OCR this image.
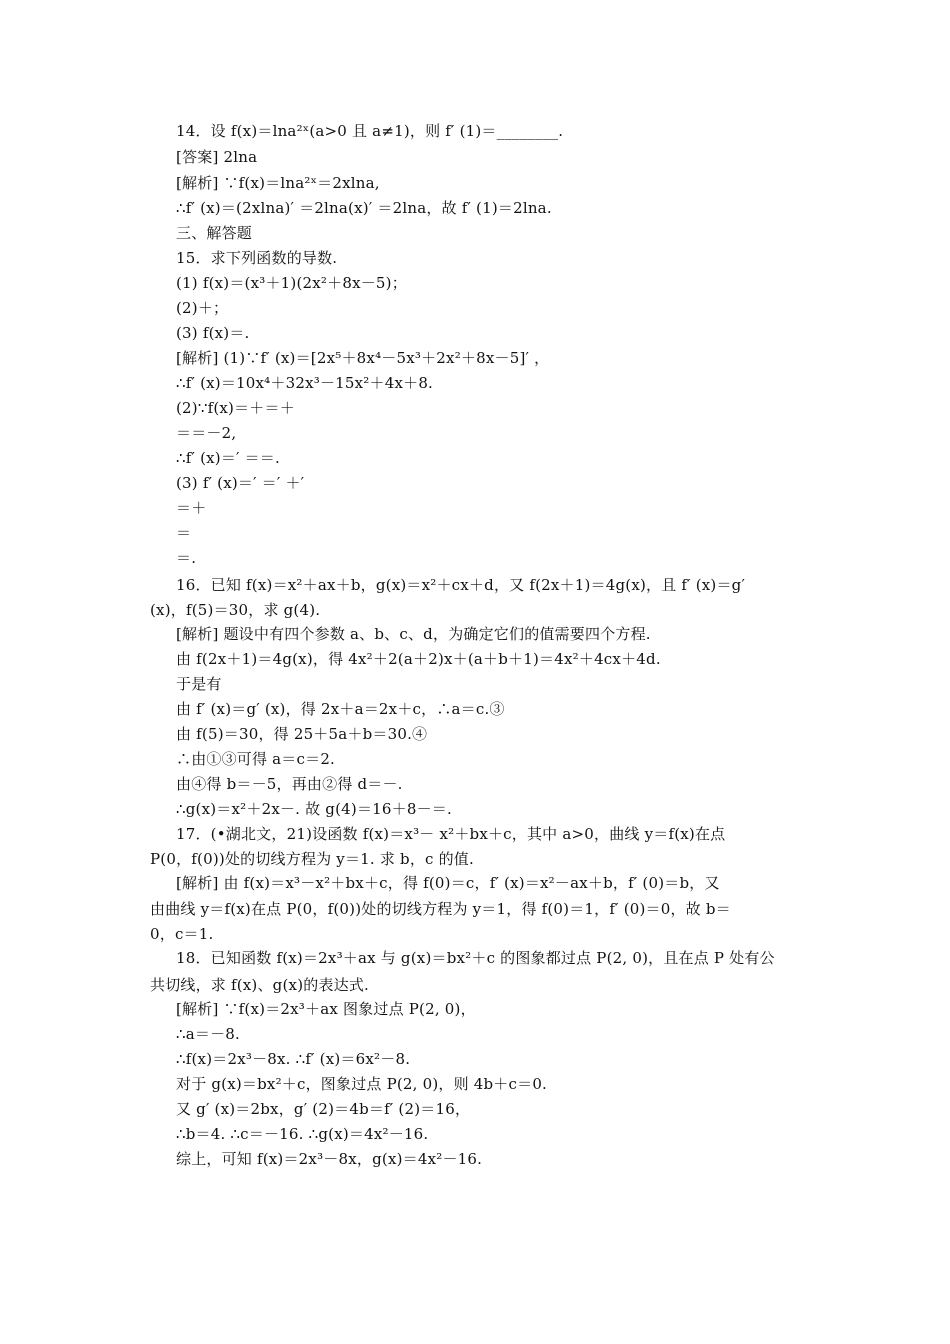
14．设 f(x)＝lna²ˣ(a>0 且 a≠1)，则 f′ (1)＝________.
[答案] 2lna
[解析] ∵f(x)＝lna²ˣ＝2xlna,
∴f′ (x)＝(2xlna)′ ＝2lna(x)′ ＝2lna，故 f′ (1)＝2lna.
三、解答题
15．求下列函数的导数.
(1) f(x)＝(x³＋1)(2x²＋8x－5)；
(2)＋；
(3) f(x)＝.
[解析] (1)∵f′ (x)＝[2x⁵＋8x⁴－5x³＋2x²＋8x－5]′ ，
∴f′ (x)＝10x⁴＋32x³－15x²＋4x＋8.
(2)∵f(x)＝＋＝＋
＝＝－2,
∴f′ (x)＝′ ＝＝.
(3) f′ (x)＝′ ＝′ ＋′
＝＋
＝
＝.
16．已知 f(x)＝x²＋ax＋b，g(x)＝x²＋cx＋d，又 f(2x＋1)＝4g(x)，且 f′ (x)＝g′
(x)，f(5)＝30，求 g(4).
[解析] 题设中有四个参数 a、b、c、d，为确定它们的值需要四个方程.
由 f(2x＋1)＝4g(x)，得 4x²＋2(a＋2)x＋(a＋b＋1)＝4x²＋4cx＋4d.
于是有
由 f′ (x)＝g′ (x)，得 2x＋a＝2x＋c，∴a＝c.③
由 f(5)＝30，得 25＋5a＋b＝30.④
∴由①③可得 a＝c＝2.
由④得 b＝－5，再由②得 d＝－.
∴g(x)＝x²＋2x－. 故 g(4)＝16＋8－＝.
17．(•湖北文，21)设函数 f(x)＝x³－ x²＋bx＋c，其中 a>0，曲线 y＝f(x)在点
P(0，f(0))处的切线方程为 y＝1. 求 b，c 的值.
[解析] 由 f(x)＝x³－x²＋bx＋c，得 f(0)＝c，f′ (x)＝x²－ax＋b，f′ (0)＝b，又
由曲线 y＝f(x)在点 P(0，f(0))处的切线方程为 y＝1，得 f(0)＝1，f′ (0)＝0，故 b＝
0，c＝1.
18．已知函数 f(x)＝2x³＋ax 与 g(x)＝bx²＋c 的图象都过点 P(2, 0)，且在点 P 处有公
共切线，求 f(x)、g(x)的表达式.
[解析] ∵f(x)＝2x³＋ax 图象过点 P(2, 0)，
∴a＝－8.
∴f(x)＝2x³－8x. ∴f′ (x)＝6x²－8.
对于 g(x)＝bx²＋c，图象过点 P(2, 0)，则 4b＋c＝0.
又 g′ (x)＝2bx，g′ (2)＝4b＝f′ (2)＝16，
∴b＝4. ∴c＝－16. ∴g(x)＝4x²－16.
综上，可知 f(x)＝2x³－8x，g(x)＝4x²－16.
